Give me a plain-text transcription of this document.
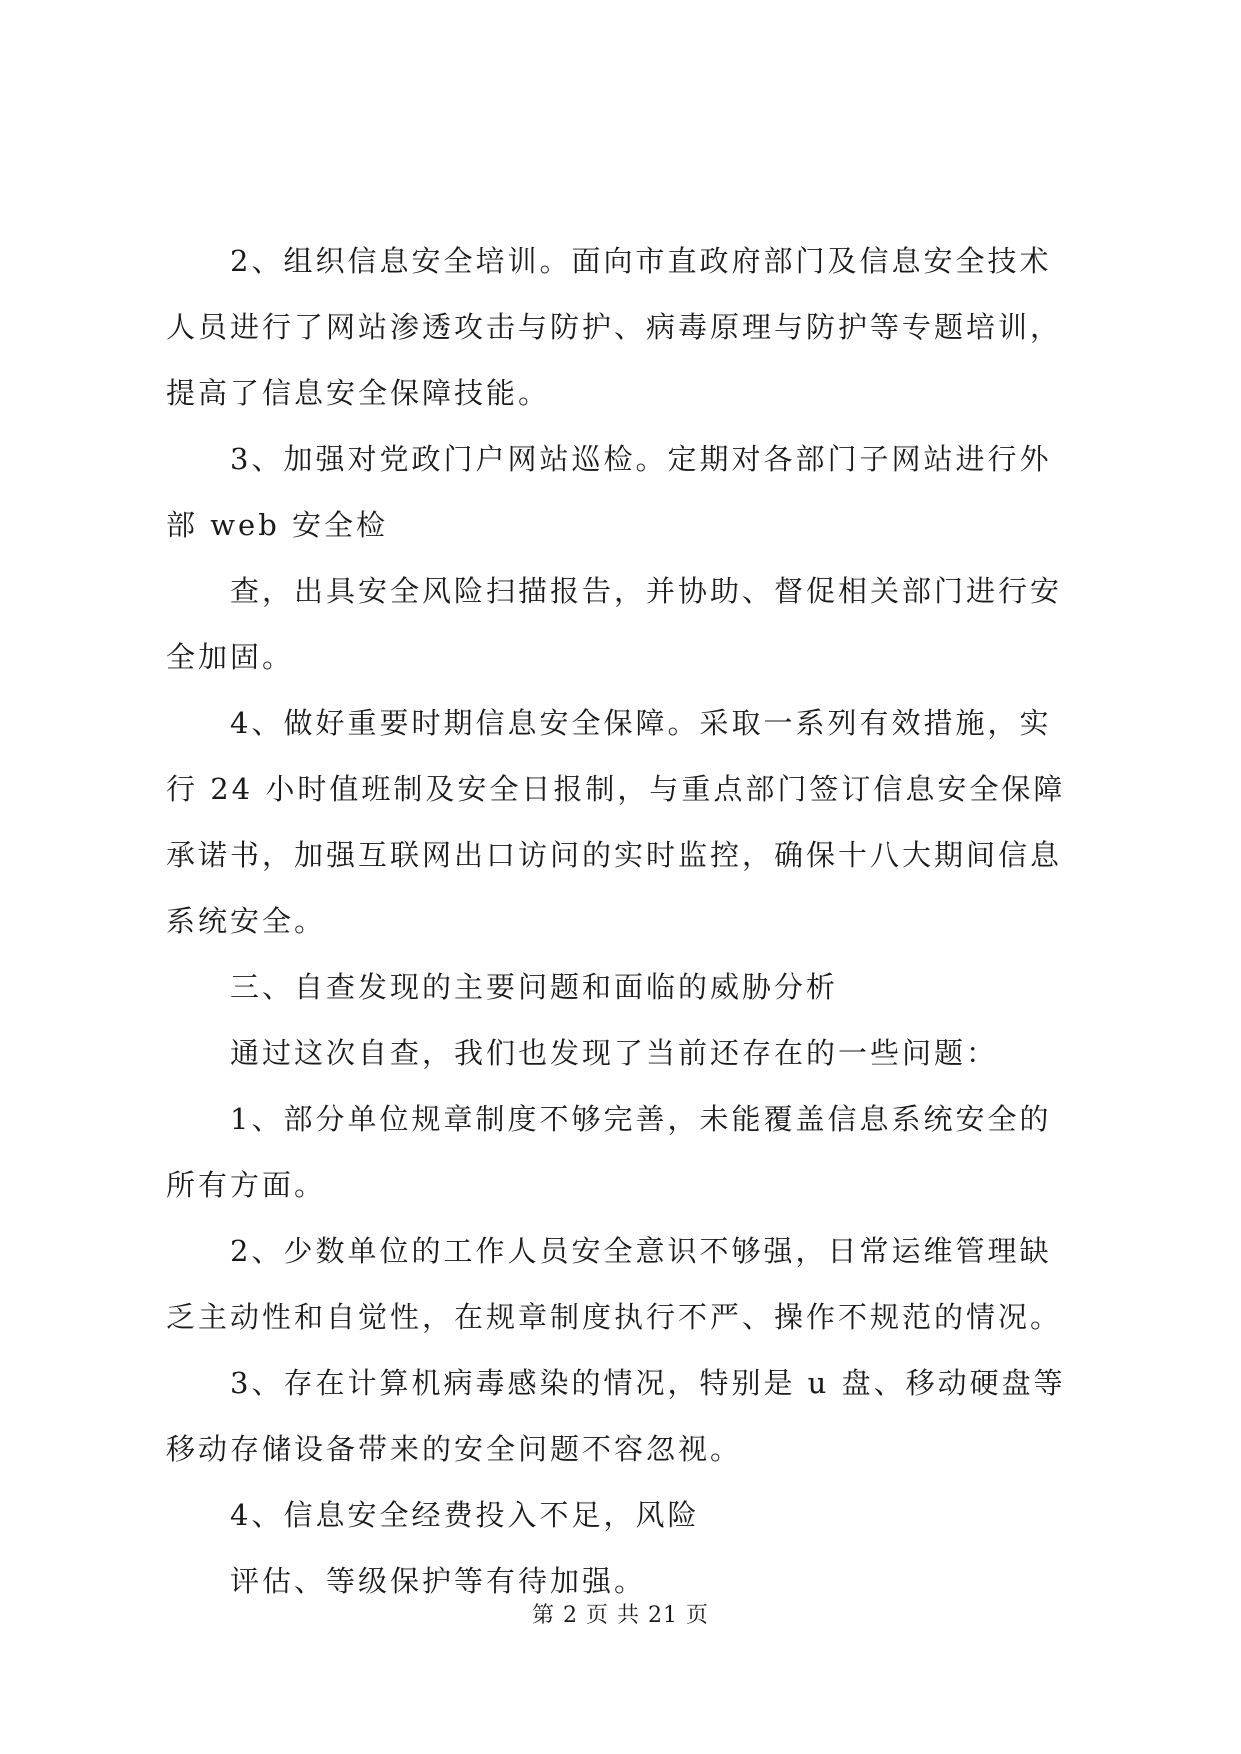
2、组织信息安全培训。面向市直政府部门及信息安全技术
人员进行了网站渗透攻击与防护、病毒原理与防护等专题培训，
提高了信息安全保障技能。
3、加强对党政门户网站巡检。定期对各部门子网站进行外
部 web 安全检
查，出具安全风险扫描报告，并协助、督促相关部门进行安
全加固。
4、做好重要时期信息安全保障。采取一系列有效措施，实
行 24 小时值班制及安全日报制，与重点部门签订信息安全保障
承诺书，加强互联网出口访问的实时监控，确保十八大期间信息
系统安全。
三、自查发现的主要问题和面临的威胁分析
通过这次自查，我们也发现了当前还存在的一些问题：
1、部分单位规章制度不够完善，未能覆盖信息系统安全的
所有方面。
2、少数单位的工作人员安全意识不够强，日常运维管理缺
乏主动性和自觉性，在规章制度执行不严、操作不规范的情况。
3、存在计算机病毒感染的情况，特别是 u 盘、移动硬盘等
移动存储设备带来的安全问题不容忽视。
4、信息安全经费投入不足，风险
评估、等级保护等有待加强。
第 2 页 共 21 页
